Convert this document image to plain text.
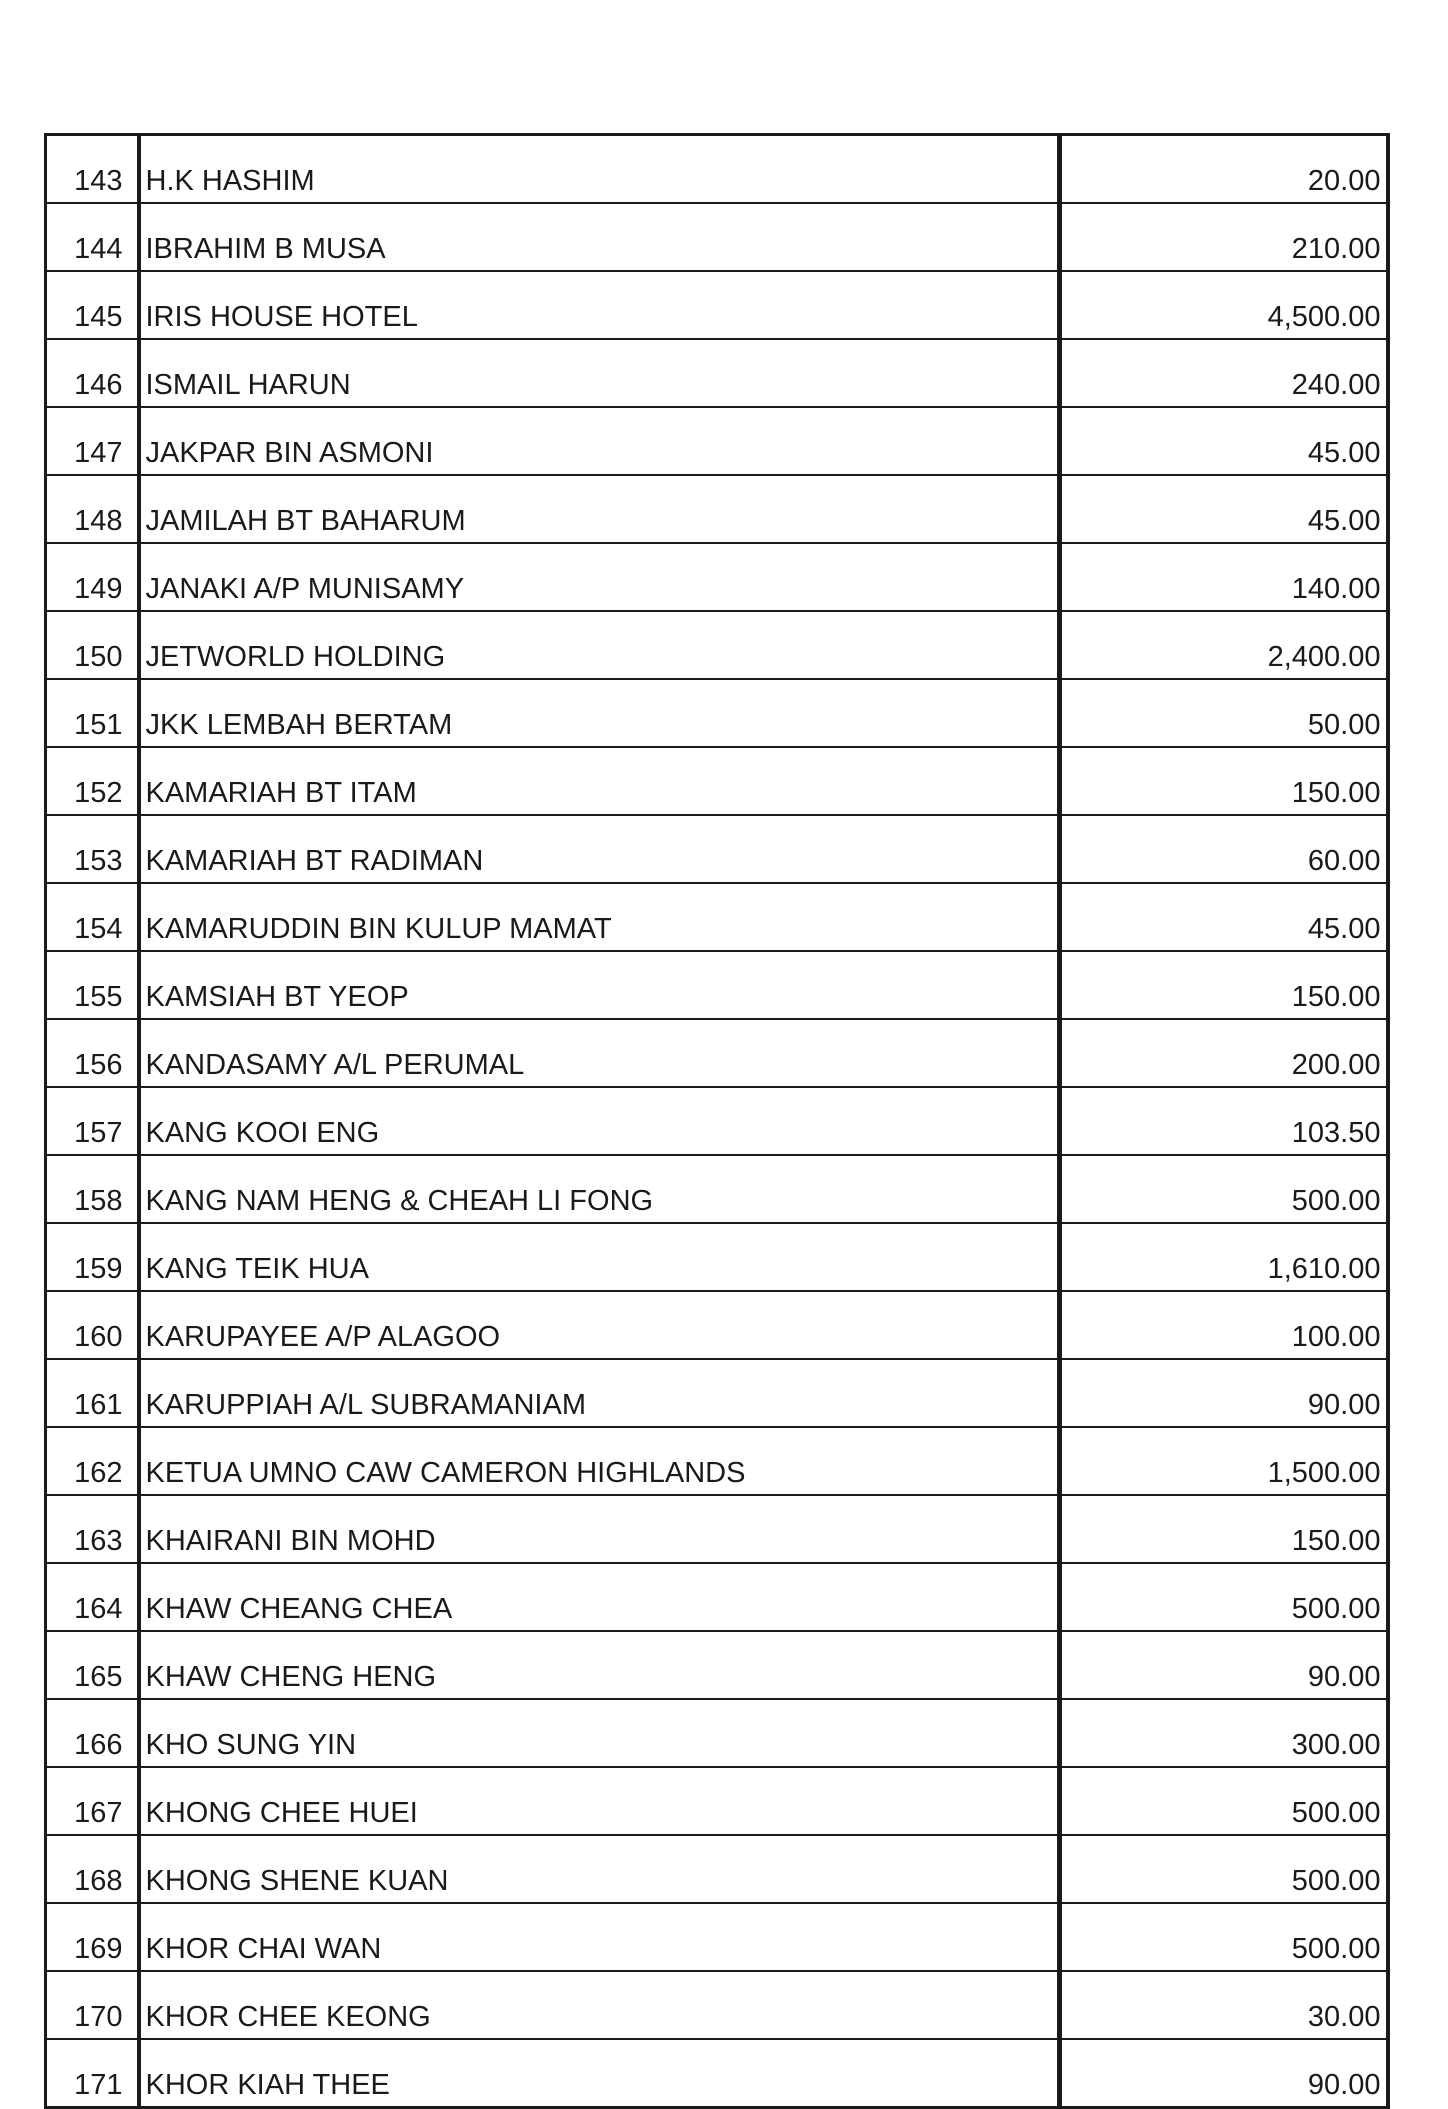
143	H.K HASHIM	20.00
144	IBRAHIM B MUSA	210.00
145	IRIS HOUSE HOTEL	4,500.00
146	ISMAIL HARUN	240.00
147	JAKPAR BIN ASMONI	45.00
148	JAMILAH BT BAHARUM	45.00
149	JANAKI A/P MUNISAMY	140.00
150	JETWORLD HOLDING	2,400.00
151	JKK LEMBAH BERTAM	50.00
152	KAMARIAH BT ITAM	150.00
153	KAMARIAH BT RADIMAN	60.00
154	KAMARUDDIN BIN KULUP MAMAT	45.00
155	KAMSIAH BT YEOP	150.00
156	KANDASAMY A/L PERUMAL	200.00
157	KANG KOOI ENG	103.50
158	KANG NAM HENG & CHEAH LI FONG	500.00
159	KANG TEIK HUA	1,610.00
160	KARUPAYEE A/P ALAGOO	100.00
161	KARUPPIAH A/L SUBRAMANIAM	90.00
162	KETUA UMNO CAW CAMERON HIGHLANDS	1,500.00
163	KHAIRANI BIN MOHD	150.00
164	KHAW CHEANG CHEA	500.00
165	KHAW CHENG HENG	90.00
166	KHO SUNG YIN	300.00
167	KHONG CHEE HUEI	500.00
168	KHONG SHENE KUAN	500.00
169	KHOR CHAI WAN	500.00
170	KHOR CHEE KEONG	30.00
171	KHOR KIAH THEE	90.00
